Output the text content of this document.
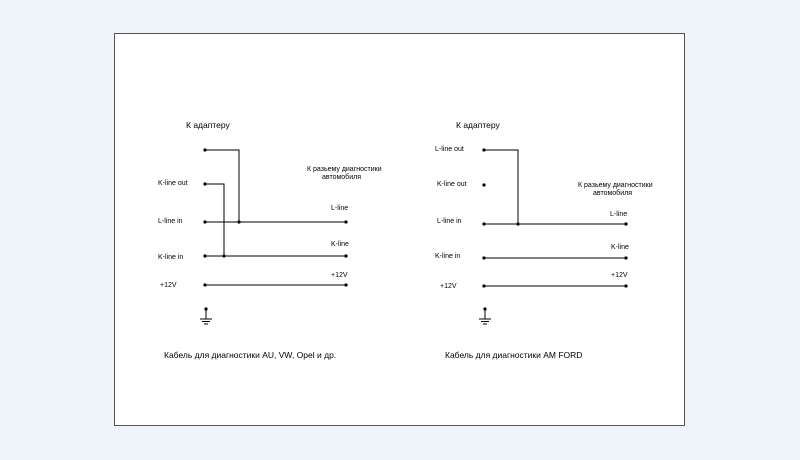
К адаптеру
К разьему диагностики
автомобиля
K-line out
L-line in
K-line in
+12V
L-line
K-line
+12V
Кабель для диагностики AU, VW, Opel и др.
К адаптеру
К разьему диагностики
автомобиля
L-line out
K-line out
L-line in
K-line in
+12V
L-line
K-line
+12V
Кабель для диагностики AM FORD
